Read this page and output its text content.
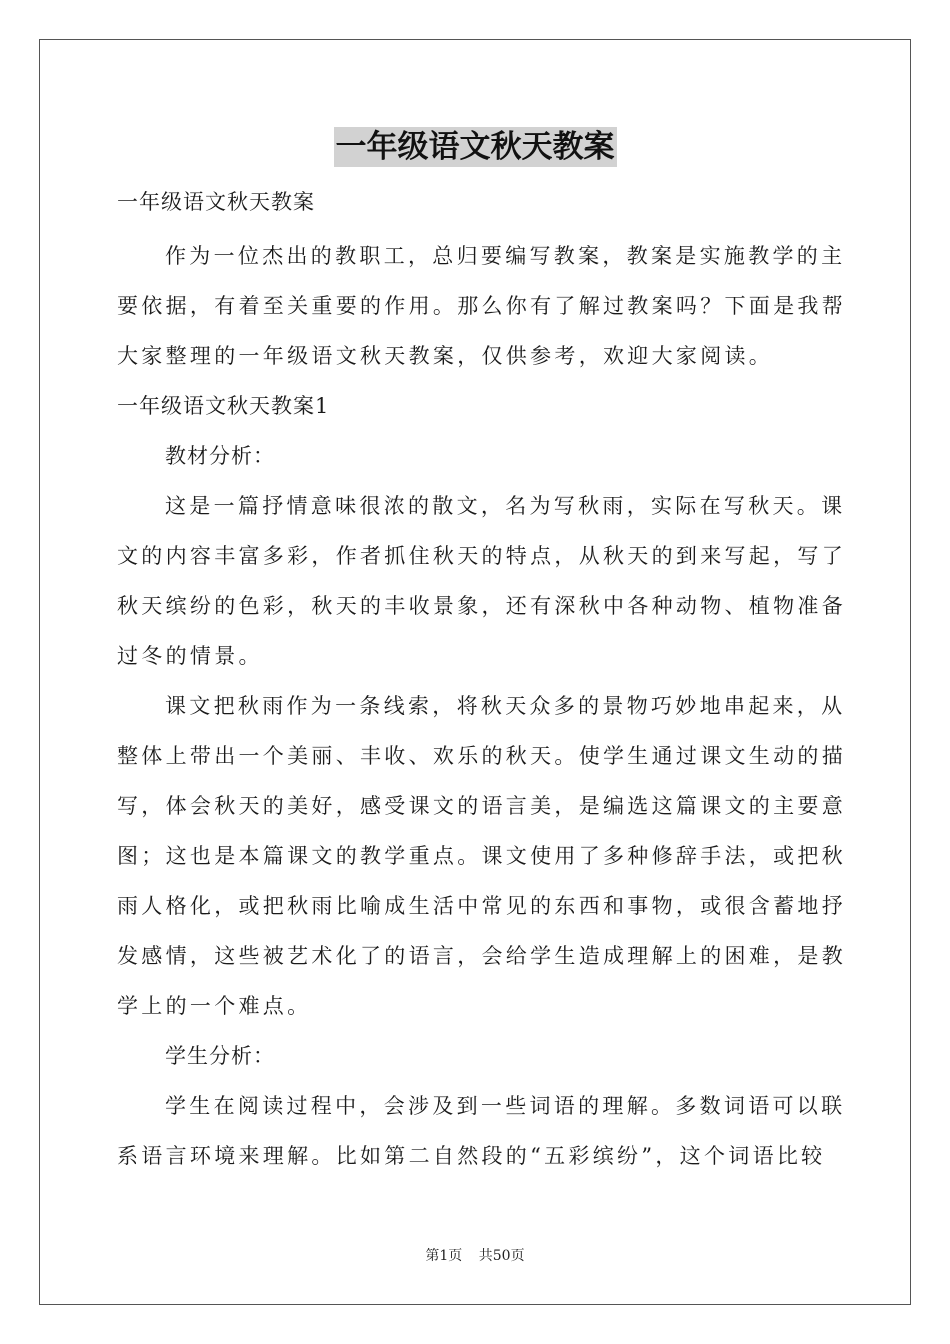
一年级语文秋天教案

一年级语文秋天教案

作为一位杰出的教职工，总归要编写教案，教案是实施教学的主

要依据，有着至关重要的作用。那么你有了解过教案吗？下面是我帮

大家整理的一年级语文秋天教案，仅供参考，欢迎大家阅读。

一年级语文秋天教案1

教材分析：

这是一篇抒情意味很浓的散文，名为写秋雨，实际在写秋天。课

文的内容丰富多彩，作者抓住秋天的特点，从秋天的到来写起，写了

秋天缤纷的色彩，秋天的丰收景象，还有深秋中各种动物、植物准备

过冬的情景。

课文把秋雨作为一条线索，将秋天众多的景物巧妙地串起来，从

整体上带出一个美丽、丰收、欢乐的秋天。使学生通过课文生动的描

写，体会秋天的美好，感受课文的语言美，是编选这篇课文的主要意

图；这也是本篇课文的教学重点。课文使用了多种修辞手法，或把秋

雨人格化，或把秋雨比喻成生活中常见的东西和事物，或很含蓄地抒

发感情，这些被艺术化了的语言，会给学生造成理解上的困难，是教

学上的一个难点。

学生分析：

学生在阅读过程中，会涉及到一些词语的理解。多数词语可以联

系语言环境来理解。比如第二自然段的“五彩缤纷”，这个词语比较

第1页 共50页
